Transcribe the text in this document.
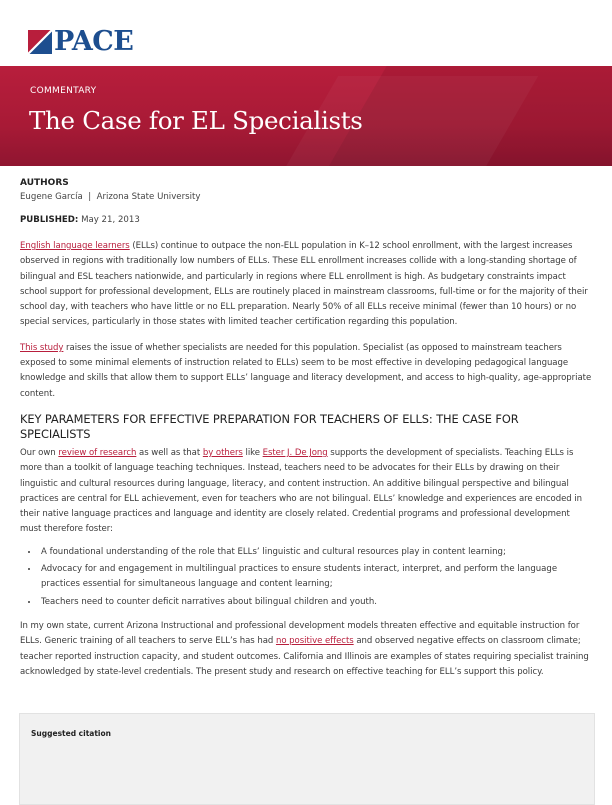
PACE
COMMENTARY
The Case for EL Specialists
AUTHORS
Eugene García | Arizona State University
PUBLISHED: May 21, 2013

English language learners (ELLs) continue to outpace the non-ELL population in K–12 school enrollment, with the largest increases observed in regions with traditionally low numbers of ELLs. These ELL enrollment increases collide with a long-standing shortage of bilingual and ESL teachers nationwide, and particularly in regions where ELL enrollment is high. As budgetary constraints impact school support for professional development, ELLs are routinely placed in mainstream classrooms, full-time or for the majority of their school day, with teachers who have little or no ELL preparation. Nearly 50% of all ELLs receive minimal (fewer than 10 hours) or no special services, particularly in those states with limited teacher certification regarding this population.

This study raises the issue of whether specialists are needed for this population. Specialist (as opposed to mainstream teachers exposed to some minimal elements of instruction related to ELLs) seem to be most effective in developing pedagogical language knowledge and skills that allow them to support ELLs’ language and literacy development, and access to high-quality, age-appropriate content.

KEY PARAMETERS FOR EFFECTIVE PREPARATION FOR TEACHERS OF ELLS: THE CASE FOR SPECIALISTS

Our own review of research as well as that by others like Ester J. De Jong supports the development of specialists. Teaching ELLs is more than a toolkit of language teaching techniques. Instead, teachers need to be advocates for their ELLs by drawing on their linguistic and cultural resources during language, literacy, and content instruction. An additive bilingual perspective and bilingual practices are central for ELL achievement, even for teachers who are not bilingual. ELLs’ knowledge and experiences are encoded in their native language practices and language and identity are closely related. Credential programs and professional development must therefore foster:

• A foundational understanding of the role that ELLs’ linguistic and cultural resources play in content learning;
• Advocacy for and engagement in multilingual practices to ensure students interact, interpret, and perform the language practices essential for simultaneous language and content learning;
• Teachers need to counter deficit narratives about bilingual children and youth.

In my own state, current Arizona Instructional and professional development models threaten effective and equitable instruction for ELLs. Generic training of all teachers to serve ELL’s has had no positive effects and observed negative effects on classroom climate; teacher reported instruction capacity, and student outcomes. California and Illinois are examples of states requiring specialist training acknowledged by state-level credentials. The present study and research on effective teaching for ELL’s support this policy.

Suggested citation
